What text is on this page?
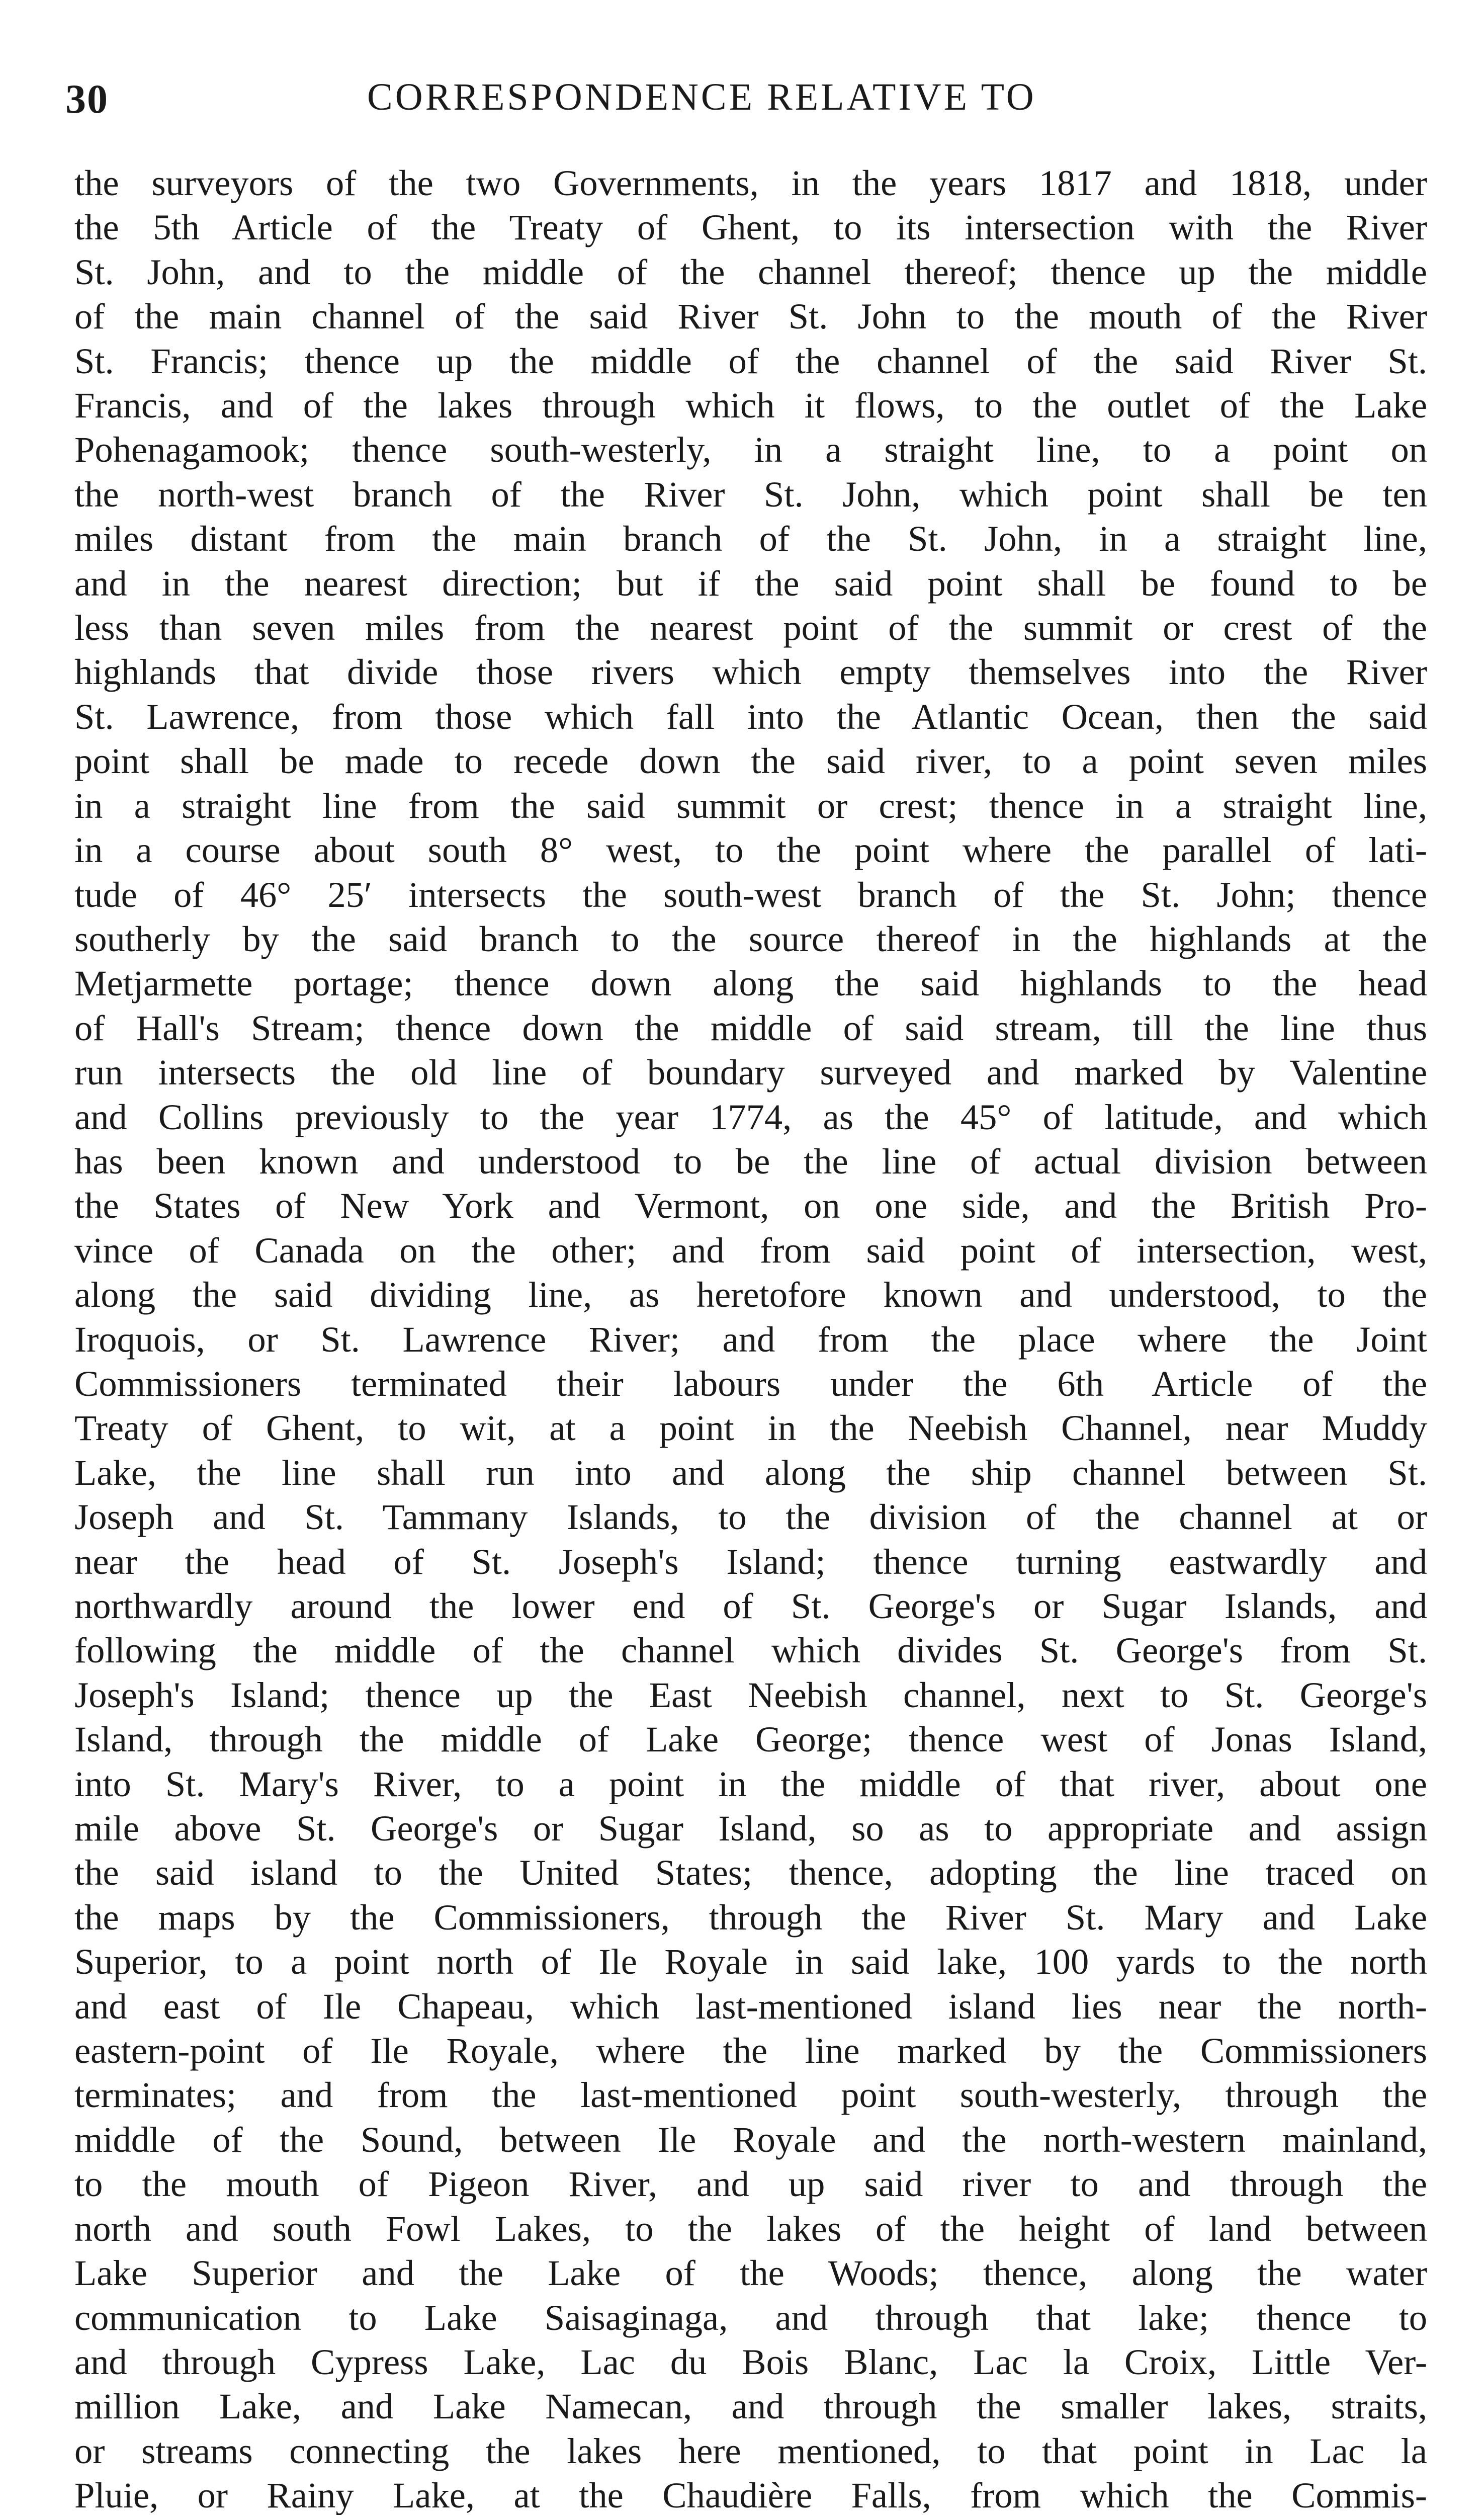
30	CORRESPONDENCE RELATIVE TO
the surveyors of the two Governments, in the years 1817 and 1818, under
the 5th Article of the Treaty of Ghent, to its intersection with the River
St. John, and to the middle of the channel thereof; thence up the middle
of the main channel of the said River St. John to the mouth of the River
St. Francis; thence up the middle of the channel of the said River St.
Francis, and of the lakes through which it flows, to the outlet of the Lake
Pohenagamook; thence south-westerly, in a straight line, to a point on
the north-west branch of the River St. John, which point shall be ten
miles distant from the main branch of the St. John, in a straight line,
and in the nearest direction; but if the said point shall be found to be
less than seven miles from the nearest point of the summit or crest of the
highlands that divide those rivers which empty themselves into the River
St. Lawrence, from those which fall into the Atlantic Ocean, then the said
point shall be made to recede down the said river, to a point seven miles
in a straight line from the said summit or crest; thence in a straight line,
in a course about south 8° west, to the point where the parallel of lati-
tude of 46° 25′ intersects the south-west branch of the St. John; thence
southerly by the said branch to the source thereof in the highlands at the
Metjarmette portage; thence down along the said highlands to the head
of Hall's Stream; thence down the middle of said stream, till the line thus
run intersects the old line of boundary surveyed and marked by Valentine
and Collins previously to the year 1774, as the 45° of latitude, and which
has been known and understood to be the line of actual division between
the States of New York and Vermont, on one side, and the British Pro-
vince of Canada on the other; and from said point of intersection, west,
along the said dividing line, as heretofore known and understood, to the
Iroquois, or St. Lawrence River; and from the place where the Joint
Commissioners terminated their labours under the 6th Article of the
Treaty of Ghent, to wit, at a point in the Neebish Channel, near Muddy
Lake, the line shall run into and along the ship channel between St.
Joseph and St. Tammany Islands, to the division of the channel at or
near the head of St. Joseph's Island; thence turning eastwardly and
northwardly around the lower end of St. George's or Sugar Islands, and
following the middle of the channel which divides St. George's from St.
Joseph's Island; thence up the East Neebish channel, next to St. George's
Island, through the middle of Lake George; thence west of Jonas Island,
into St. Mary's River, to a point in the middle of that river, about one
mile above St. George's or Sugar Island, so as to appropriate and assign
the said island to the United States; thence, adopting the line traced on
the maps by the Commissioners, through the River St. Mary and Lake
Superior, to a point north of Ile Royale in said lake, 100 yards to the north
and east of Ile Chapeau, which last-mentioned island lies near the north-
eastern-point of Ile Royale, where the line marked by the Commissioners
terminates; and from the last-mentioned point south-westerly, through the
middle of the Sound, between Ile Royale and the north-western mainland,
to the mouth of Pigeon River, and up said river to and through the
north and south Fowl Lakes, to the lakes of the height of land between
Lake Superior and the Lake of the Woods; thence, along the water
communication to Lake Saisaginaga, and through that lake; thence to
and through Cypress Lake, Lac du Bois Blanc, Lac la Croix, Little Ver-
million Lake, and Lake Namecan, and through the smaller lakes, straits,
or streams connecting the lakes here mentioned, to that point in Lac la
Pluie, or Rainy Lake, at the Chaudière Falls, from which the Commis-
